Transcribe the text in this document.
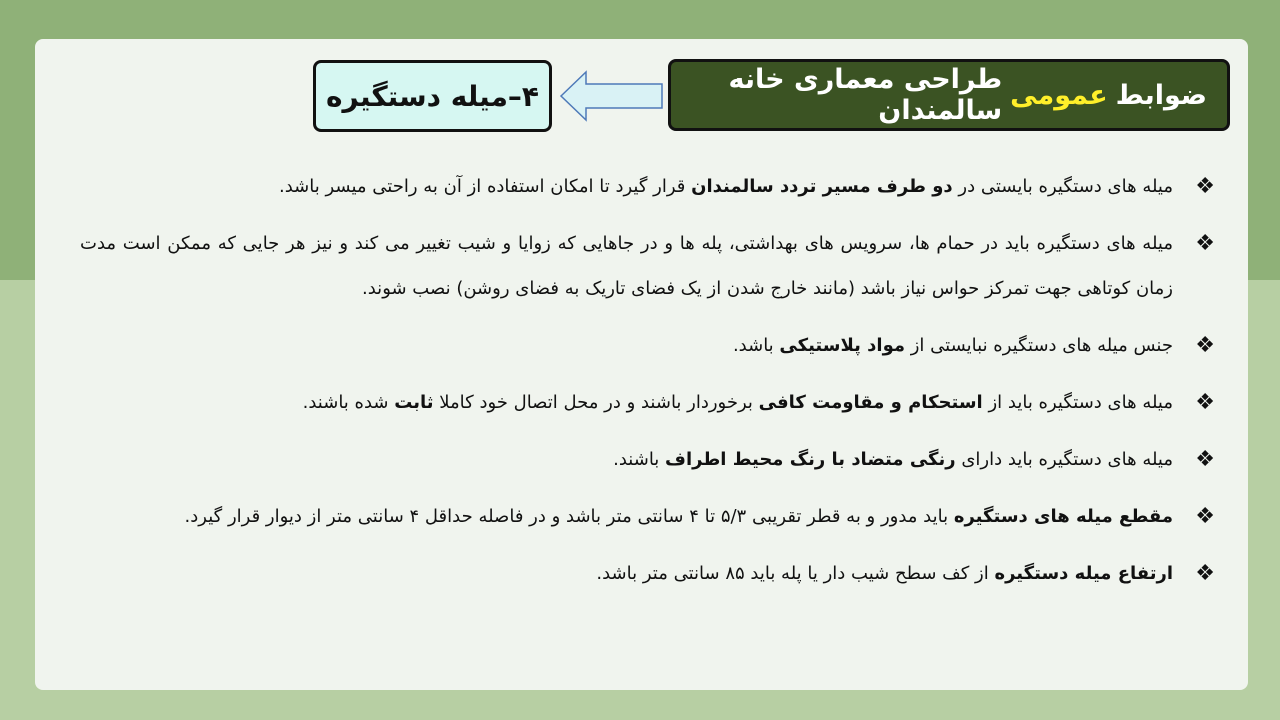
ضوابط
عمومی
طراحی معماری خانه سالمندان
۴–میله دستگیره
❖
میله های دستگیره بایستی در دو طرف مسیر تردد سالمندان قرار گیرد تا امکان استفاده از آن به راحتی میسر باشد.
❖
میله های دستگیره باید در حمام ها، سرویس های بهداشتی، پله ها و در جاهایی که زوایا و شیب تغییر می کند و نیز هر جایی که ممکن است مدت زمان کوتاهی جهت تمرکز حواس نیاز باشد (مانند خارج شدن از یک فضای تاریک به فضای روشن) نصب شوند.
❖
جنس میله های دستگیره نبایستی از مواد پلاستیکی باشد.
❖
میله های دستگیره باید از استحکام و مقاومت کافی برخوردار باشند و در محل اتصال خود کاملا ثابت شده باشند.
❖
میله های دستگیره باید دارای رنگی متضاد با رنگ محیط اطراف باشند.
❖
مقطع میله های دستگیره باید مدور و به قطر تقریبی ۵/۳ تا ۴ سانتی متر باشد و در فاصله حداقل ۴ سانتی متر از دیوار قرار گیرد.
❖
ارتفاع میله دستگیره از کف سطح شیب دار یا پله باید ۸۵ سانتی متر باشد.
